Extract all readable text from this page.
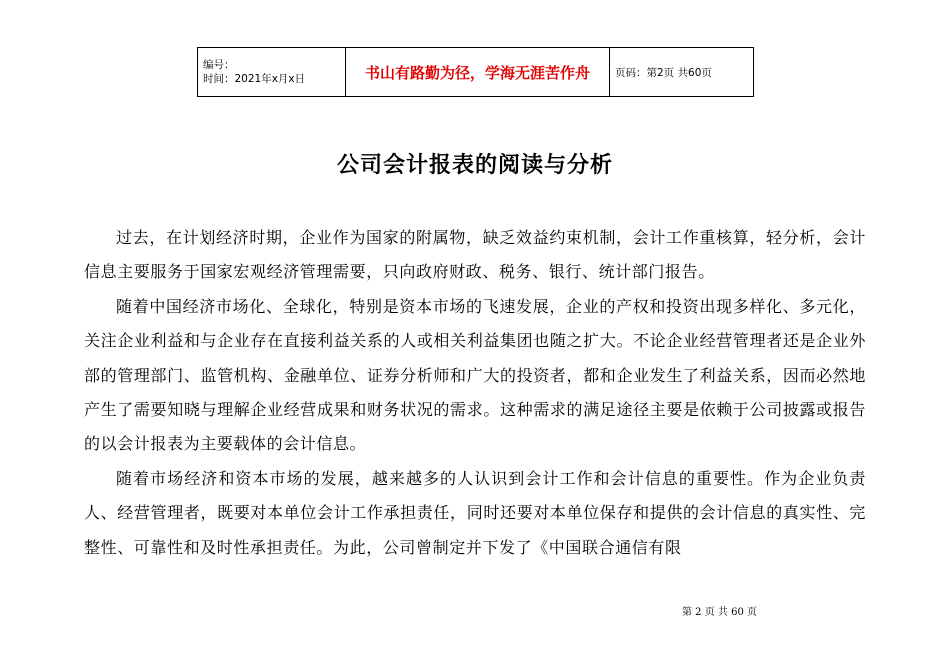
编号：
时间：2021年x月x日	书山有路勤为径，学海无涯苦作舟	页码：第2页 共60页
公司会计报表的阅读与分析

过去，在计划经济时期，企业作为国家的附属物，缺乏效益约束机制，会计工作重核算，轻分析，会计信息主要服务于国家宏观经济管理需要，只向政府财政、税务、银行、统计部门报告。

随着中国经济市场化、全球化，特别是资本市场的飞速发展，企业的产权和投资出现多样化、多元化，关注企业利益和与企业存在直接利益关系的人或相关利益集团也随之扩大。不论企业经营管理者还是企业外部的管理部门、监管机构、金融单位、证券分析师和广大的投资者，都和企业发生了利益关系，因而必然地产生了需要知晓与理解企业经营成果和财务状况的需求。这种需求的满足途径主要是依赖于公司披露或报告的以会计报表为主要载体的会计信息。

随着市场经济和资本市场的发展，越来越多的人认识到会计工作和会计信息的重要性。作为企业负责人、经营管理者，既要对本单位会计工作承担责任，同时还要对本单位保存和提供的会计信息的真实性、完整性、可靠性和及时性承担责任。为此，公司曾制定并下发了《中国联合通信有限

第 2 页 共 60 页
